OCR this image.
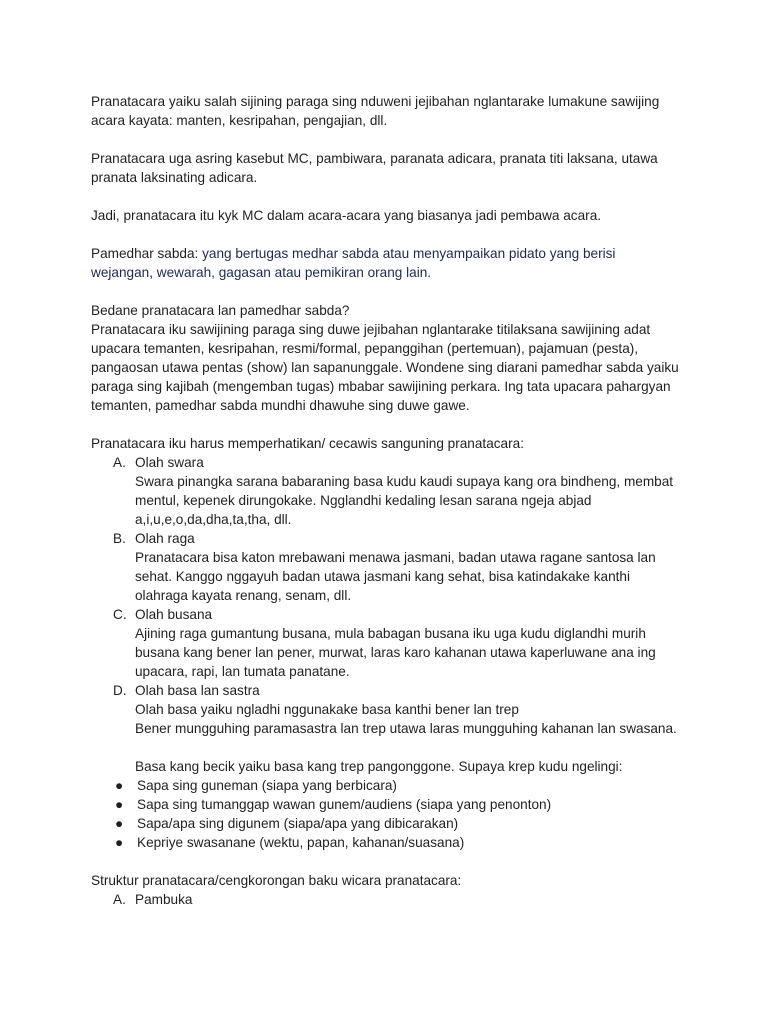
Pranatacara yaiku salah sijining paraga sing nduweni jejibahan nglantarake lumakune sawijing acara kayata: manten, kesripahan, pengajian, dll.

Pranatacara uga asring kasebut MC, pambiwara, paranata adicara, pranata titi laksana, utawa pranata laksinating adicara.

Jadi, pranatacara itu kyk MC dalam acara-acara yang biasanya jadi pembawa acara.

Pamedhar sabda: yang bertugas medhar sabda atau menyampaikan pidato yang berisi wejangan, wewarah, gagasan atau pemikiran orang lain.

Bedane pranatacara lan pamedhar sabda?
Pranatacara iku sawijining paraga sing duwe jejibahan nglantarake titilaksana sawijining adat upacara temanten, kesripahan, resmi/formal, pepanggihan (pertemuan), pajamuan (pesta), pangaosan utawa pentas (show) lan sapanunggale. Wondene sing diarani pamedhar sabda yaiku paraga sing kajibah (mengemban tugas) mbabar sawijining perkara. Ing tata upacara pahargyan temanten, pamedhar sabda mundhi dhawuhe sing duwe gawe.
Pranatacara iku harus memperhatikan/ cecawis sanguning pranatacara:
A. Olah swara
Swara pinangka sarana babaraning basa kudu kaudi supaya kang ora bindheng, membat mentul, kepenek dirungokake. Ngglandhi kedaling lesan sarana ngeja abjad a,i,u,e,o,da,dha,ta,tha, dll.
B. Olah raga
Pranatacara bisa katon mrebawani menawa jasmani, badan utawa ragane santosa lan sehat. Kanggo nggayuh badan utawa jasmani kang sehat, bisa katindakake kanthi olahraga kayata renang, senam, dll.
C. Olah busana
Ajining raga gumantung busana, mula babagan busana iku uga kudu diglandhi murih busana kang bener lan pener, murwat, laras karo kahanan utawa kaperluwane ana ing upacara, rapi, lan tumata panatane.
D. Olah basa lan sastra
Olah basa yaiku ngladhi nggunakake basa kanthi bener lan trep
Bener mungguhing paramasastra lan trep utawa laras mungguhing kahanan lan swasana.
Basa kang becik yaiku basa kang trep pangonggone. Supaya krep kudu ngelingi:
● Sapa sing guneman (siapa yang berbicara)
● Sapa sing tumanggap wawan gunem/audiens (siapa yang penonton)
● Sapa/apa sing digunem (siapa/apa yang dibicarakan)
● Kepriye swasanane (wektu, papan, kahanan/suasana)
Struktur pranatacara/cengkorongan baku wicara pranatacara:
A. Pambuka
